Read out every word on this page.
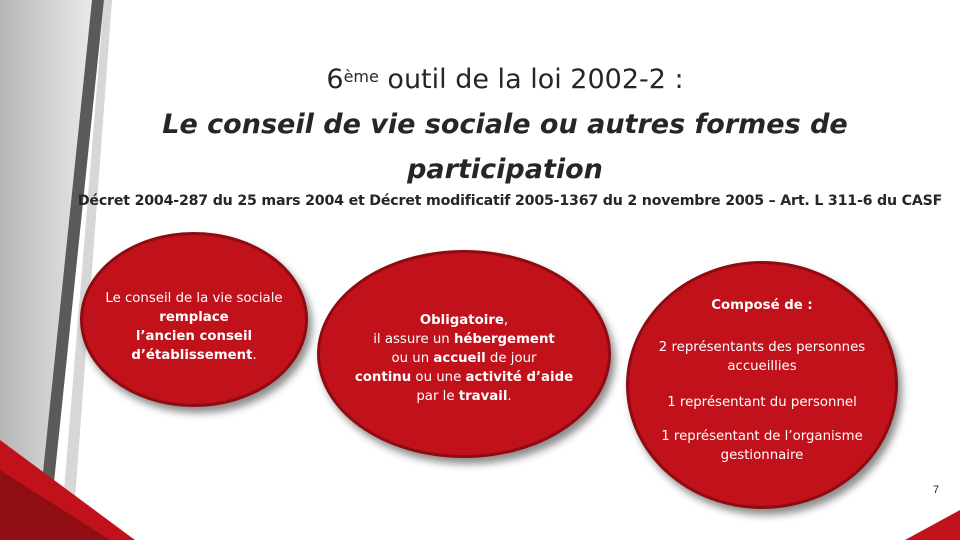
6ème outil de la loi 2002-2 :
Le conseil de vie sociale ou autres formes de
participation
Décret 2004-287 du 25 mars 2004 et Décret modificatif 2005-1367 du 2 novembre 2005 – Art. L 311-6 du CASF
Le conseil de la vie sociale remplace
l’ancien conseil d’établissement.
Obligatoire,
il assure un hébergement
ou un accueil de jour
continu ou une activité d’aide par le travail.
Composé de :
2 représentants des personnes accueillies
1 représentant du personnel
1 représentant de l’organisme gestionnaire
7
